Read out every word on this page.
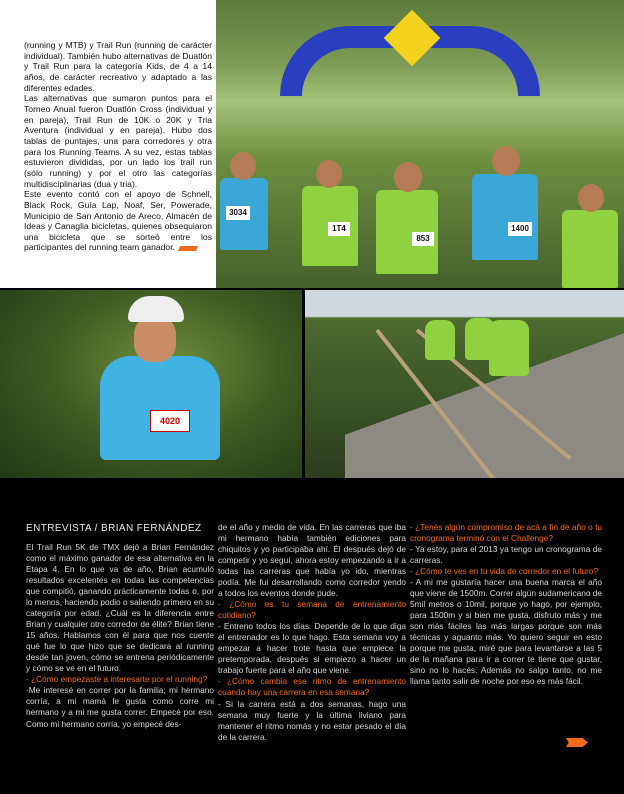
(running y MTB) y Trail Run (running de carácter individual). También hubo alternativas de Duatlón y Trail Run para la categoría Kids, de 4 a 14 años, de carácter recreativo y adaptado a las diferentes edades.

Las alternativas que sumaron puntos para el Torneo Anual fueron Duatlón Cross (individual y en pareja), Trail Run de 10K o 20K y Tria Aventura (individual y en pareja). Hubo dos tablas de puntajes, una para corredores y otra para los Running Teams. A su vez, estas tablas estuvieron divididas, por un lado los trail run (sólo running) y por el otro las categorías multidisciplinarias (dua y tria).

Este evento contó con el apoyo de Schnell, Black Rock, Guía Lap, Noaf, Ser, Powerade, Municipio de San Antonio de Areco, Almacén de Ideas y Canaglia bicicletas, quienes obsequiaron una bicicleta que se sorteó entre los participantes del running team ganador.

3034
1T4
853
1400
4020
ENTREVISTA / BRIAN FERNÁNDEZ

El Trail Run 5K de TMX dejó a Brian Fernández como el máximo ganador de esa alternativa en la Etapa 4. En lo que va de año, Brian acumuló resultados excelentes en todas las competencias que compitió, ganando prácticamente todas o, por lo menos, haciendo podio o saliendo primero en su categoría por edad. ¿Cuál es la diferencia entre Brian y cualquier otro corredor de élite? Brian tiene 15 años. Hablamos con él para que nos cuente qué fue lo que hizo que se dedicara al running desde tan joven, cómo se entrena periódicamente y cómo se ve en el futuro.

- ¿Cómo empezaste a interesarte por el running?

-Me interesé en correr por la familia; mi hermano corría, a mi mamá le gusta como corre mi hermano y a mi me gusta correr. Empecé por eso. Como mi hermano corría, yo empecé des-

de el año y medio de vida. En las carreras que iba mi hermano había también ediciones para chiquitos y yo participaba ahí. Él después dejó de competir y yo seguí, ahora estoy empezando a ir a todas las carreras que había yo ido, mientras podía. Me fui desarrollando como corredor yendo a todos los eventos donde pude.

- ¿Cómo es tu semana de entrenamiento cotidiano?

- Entreno todos los días. Depende de lo que diga el entrenador es lo que hago. Esta semana voy a empezar a hacer trote hasta que empiece la pretemporada, después si empiezo a hacer un trabajo fuerte para el año que viene.

- ¿Cómo cambia ese ritmo de entrenamiento cuando hay una carrera en esa semana?

- Si la carrera está a dos semanas, hago una semana muy fuerte y la última liviano para mantener el ritmo nomás y no estar pesado el día de la carrera.

- ¿Tenés algún compromiso de acá a fin de año o tu cronograma terminó con el Challenge?

- Ya estoy, para el 2013 ya tengo un cronograma de carreras.

- ¿Cómo te ves en tu vida de corredor en el futuro?

- A mi me gustaría hacer una buena marca el año que viene de 1500m. Correr algún sudamericano de 5mil metros o 10mil, porque yo hago, por ejemplo, para 1500m y si bien me gusta, disfruto más y me son más fáciles las más largas porque son más técnicas y aguanto más. Yo quiero seguir en esto porque me gusta, miré que para levantarse a las 5 de la mañana para ir a correr te tiene que gustar, sino no lo hacés. Además no salgo tanto, no me llama tanto salir de noche por eso es más fácil.
